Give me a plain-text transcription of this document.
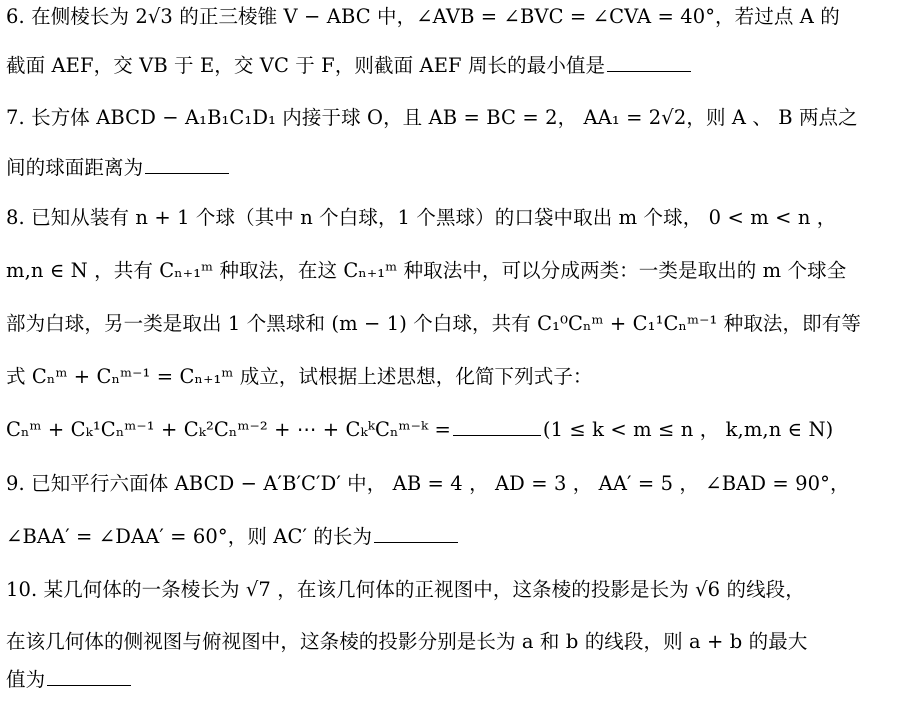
6. 在侧棱长为 2√3 的正三棱锥 V − ABC 中，∠AVB = ∠BVC = ∠CVA = 40°，若过点 A 的
截面 AEF，交 VB 于 E，交 VC 于 F，则截面 AEF 周长的最小值是
7. 长方体 ABCD − A₁B₁C₁D₁ 内接于球 O，且 AB = BC = 2， AA₁ = 2√2，则 A 、 B 两点之
间的球面距离为
8. 已知从装有 n + 1 个球（其中 n 个白球，1 个黑球）的口袋中取出 m 个球， 0 < m < n ，
m,n ∈ N ，共有 Cₙ₊₁ᵐ 种取法，在这 Cₙ₊₁ᵐ 种取法中，可以分成两类：一类是取出的 m 个球全
部为白球，另一类是取出 1 个黑球和 (m − 1) 个白球，共有 C₁⁰Cₙᵐ + C₁¹Cₙᵐ⁻¹ 种取法，即有等
式 Cₙᵐ + Cₙᵐ⁻¹ = Cₙ₊₁ᵐ 成立，试根据上述思想，化简下列式子：
Cₙᵐ + Cₖ¹Cₙᵐ⁻¹ + Cₖ²Cₙᵐ⁻² + ⋯ + CₖᵏCₙᵐ⁻ᵏ =	(1 ≤ k < m ≤ n ， k,m,n ∈ N)
9. 已知平行六面体 ABCD − A′B′C′D′ 中， AB = 4 ， AD = 3 ， AA′ = 5 ， ∠BAD = 90°，
∠BAA′ = ∠DAA′ = 60°，则 AC′ 的长为
10. 某几何体的一条棱长为 √7 ，在该几何体的正视图中，这条棱的投影是长为 √6 的线段，
在该几何体的侧视图与俯视图中，这条棱的投影分别是长为 a 和 b 的线段，则 a + b 的最大
值为
